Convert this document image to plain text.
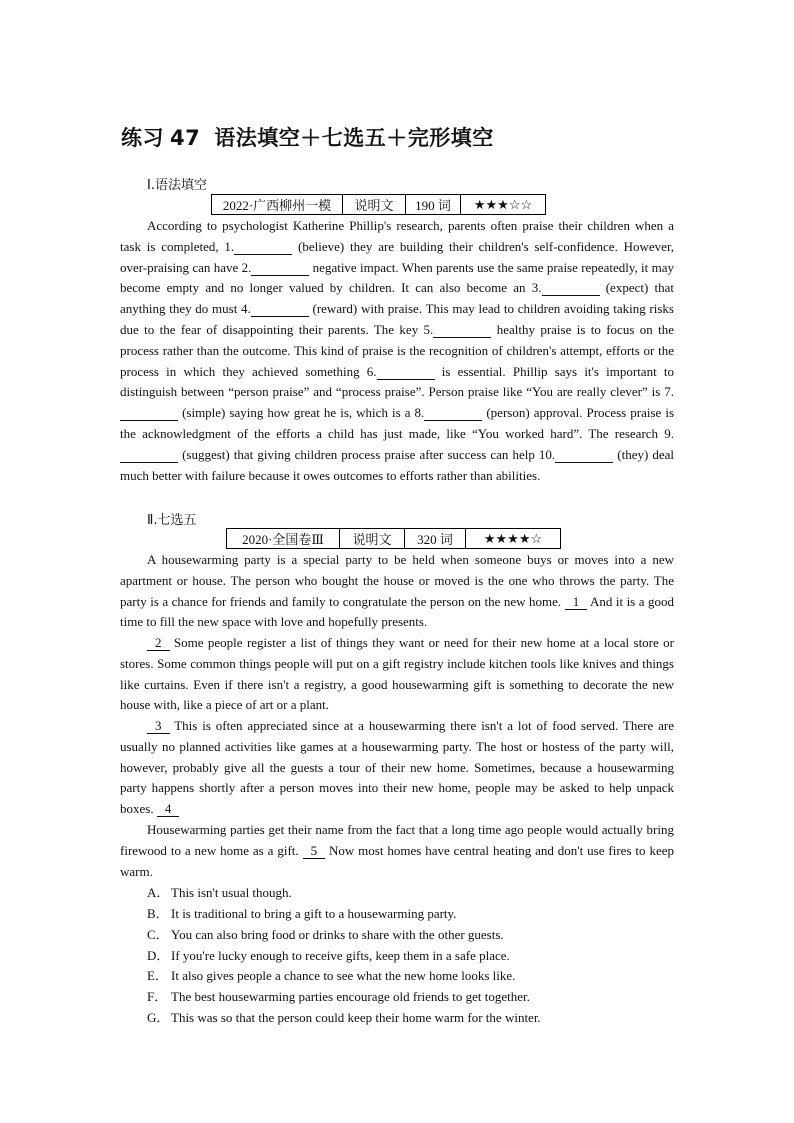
练习 47 语法填空＋七选五＋完形填空
Ⅰ.语法填空
2022·广西柳州一模	说明文	190 词	★★★☆☆

According to psychologist Katherine Phillip's research, parents often praise their children when a task is completed, 1.	(believe) they are building their children's self-confidence. However, over-praising can have 2.	negative impact. When parents use the same praise repeatedly, it may become empty and no longer valued by children. It can also become an 3.	(expect) that anything they do must 4.	(reward) with praise. This may lead to children avoiding taking risks due to the fear of disappointing their parents. The key 5.	healthy praise is to focus on the process rather than the outcome. This kind of praise is the recognition of children's attempt, efforts or the process in which they achieved something 6.	is essential. Phillip says it's important to distinguish between “person praise” and “process praise”. Person praise like “You are really clever” is 7.  (simple) saying how great he is, which is a 8.	(person) approval. Process praise is the acknowledgment of the efforts a child has just made, like “You worked hard”. The research 9.  (suggest) that giving children process praise after success can help 10.	(they) deal much better with failure because it owes outcomes to efforts rather than abilities.

Ⅱ.七选五
2020·全国卷Ⅲ	说明文	320 词	★★★★☆

A housewarming party is a special party to be held when someone buys or moves into a new apartment or house. The person who bought the house or moved is the one who throws the party. The party is a chance for friends and family to congratulate the person on the new home. 1 And it is a good time to fill the new space with love and hopefully presents.

2 Some people register a list of things they want or need for their new home at a local store or stores. Some common things people will put on a gift registry include kitchen tools like knives and things like curtains. Even if there isn't a registry, a good housewarming gift is something to decorate the new house with, like a piece of art or a plant.

3 This is often appreciated since at a housewarming there isn't a lot of food served. There are usually no planned activities like games at a housewarming party. The host or hostess of the party will, however, probably give all the guests a tour of their new home. Sometimes, because a housewarming party happens shortly after a person moves into their new home, people may be asked to help unpack boxes. 4

Housewarming parties get their name from the fact that a long time ago people would actually bring firewood to a new home as a gift. 5 Now most homes have central heating and don't use fires to keep warm.

A． This isn't usual though.
B． It is traditional to bring a gift to a housewarming party.
C． You can also bring food or drinks to share with the other guests.
D． If you're lucky enough to receive gifts, keep them in a safe place.
E． It also gives people a chance to see what the new home looks like.
F． The best housewarming parties encourage old friends to get together.
G． This was so that the person could keep their home warm for the winter.
